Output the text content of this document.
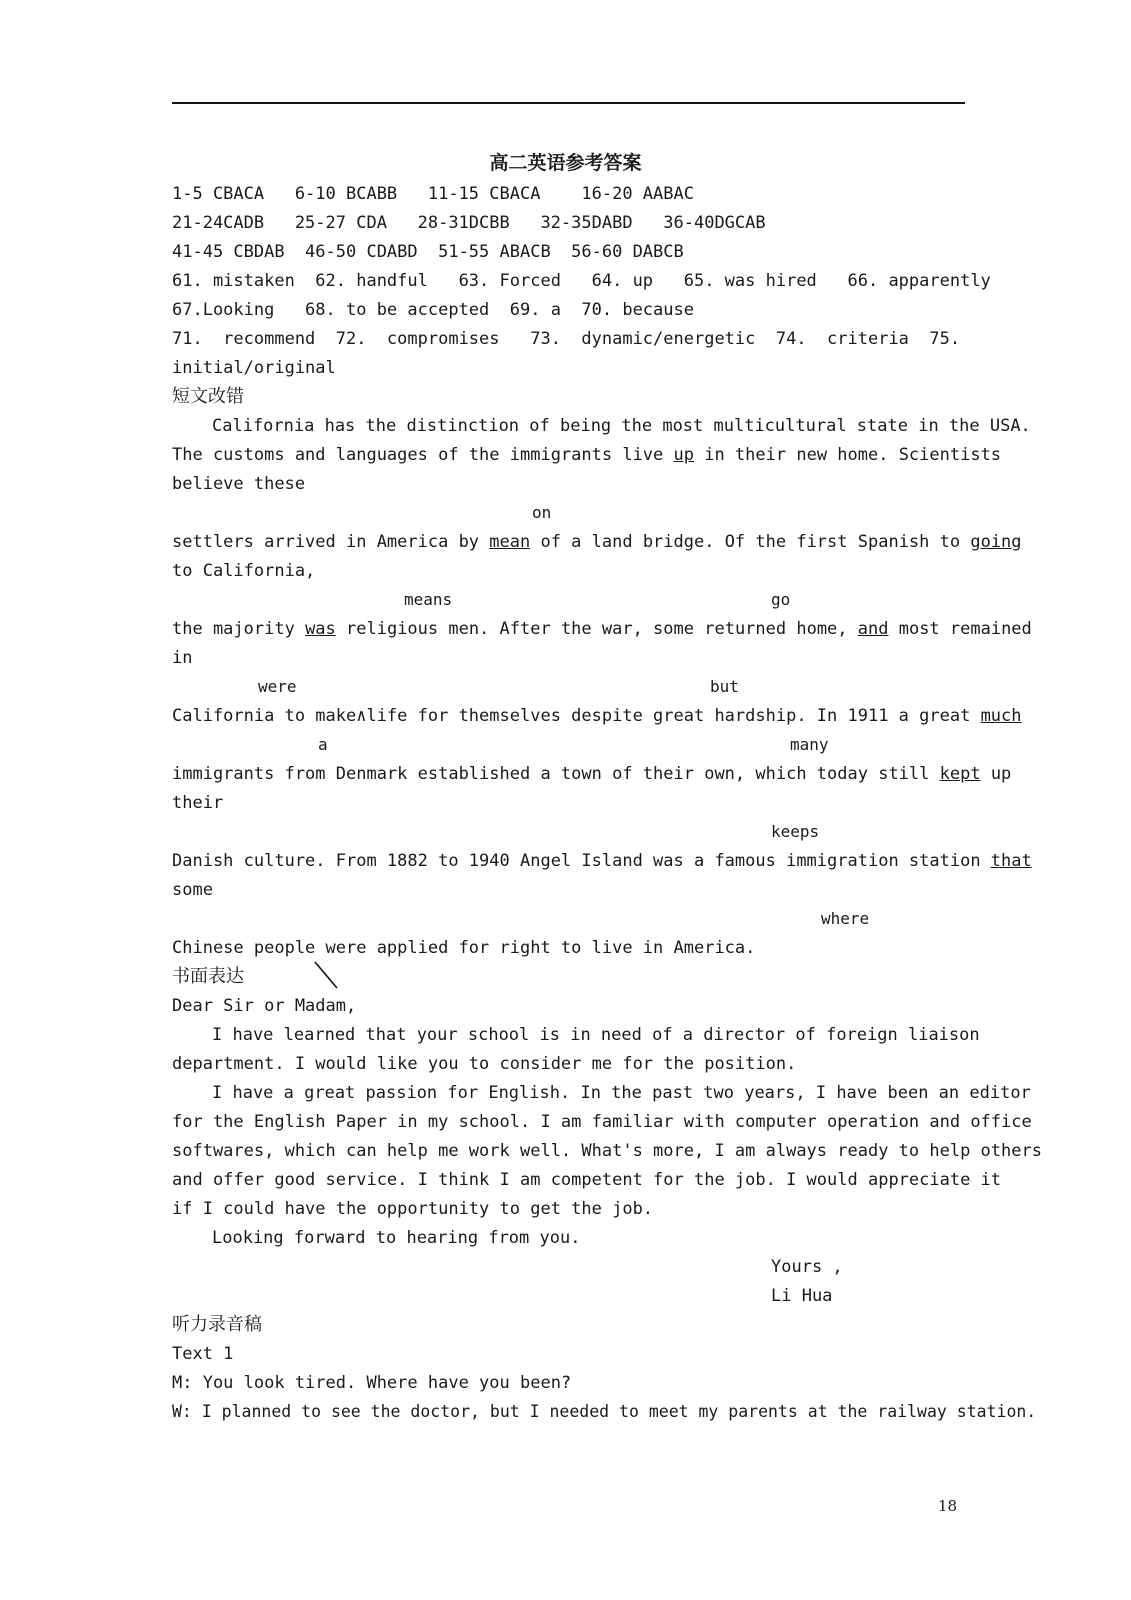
高二英语参考答案
1-5 CBACA   6-10 BCABB   11-15 CBACA    16-20 AABAC
21-24CADB   25-27 CDA   28-31DCBB   32-35DABD   36-40DGCAB
41-45 CBDAB  46-50 CDABD  51-55 ABACB  56-60 DABCB
61. mistaken  62. handful   63. Forced   64. up   65. was hired   66. apparently
67.Looking   68. to be accepted  69. a  70. because
71.  recommend  72.  compromises   73.  dynamic/energetic  74.  criteria  75.
initial/original
短文改错
California has the distinction of being the most multicultural state in the USA.
The customs and languages of the immigrants live up in their new home. Scientists
believe these
on
settlers arrived in America by mean of a land bridge. Of the first Spanish to going
to California,
means	go
the majority was religious men. After the war, some returned home, and most remained
in
were	but
California to make∧life for themselves despite great hardship. In 1911 a great much
a	many
immigrants from Denmark established a town of their own, which today still kept up
their
keeps
Danish culture. From 1882 to 1940 Angel Island was a famous immigration station that
some
where
Chinese people were applied for right to live in America.
书面表达
Dear Sir or Madam,
I have learned that your school is in need of a director of foreign liaison
department. I would like you to consider me for the position.
I have a great passion for English. In the past two years, I have been an editor
for the English Paper in my school. I am familiar with computer operation and office
softwares, which can help me work well. What's more, I am always ready to help others
and offer good service. I think I am competent for the job. I would appreciate it
if I could have the opportunity to get the job.
Looking forward to hearing from you.
Yours ,
Li Hua
听力录音稿
Text 1
M: You look tired. Where have you been?
W: I planned to see the doctor, but I needed to meet my parents at the railway station.
18
